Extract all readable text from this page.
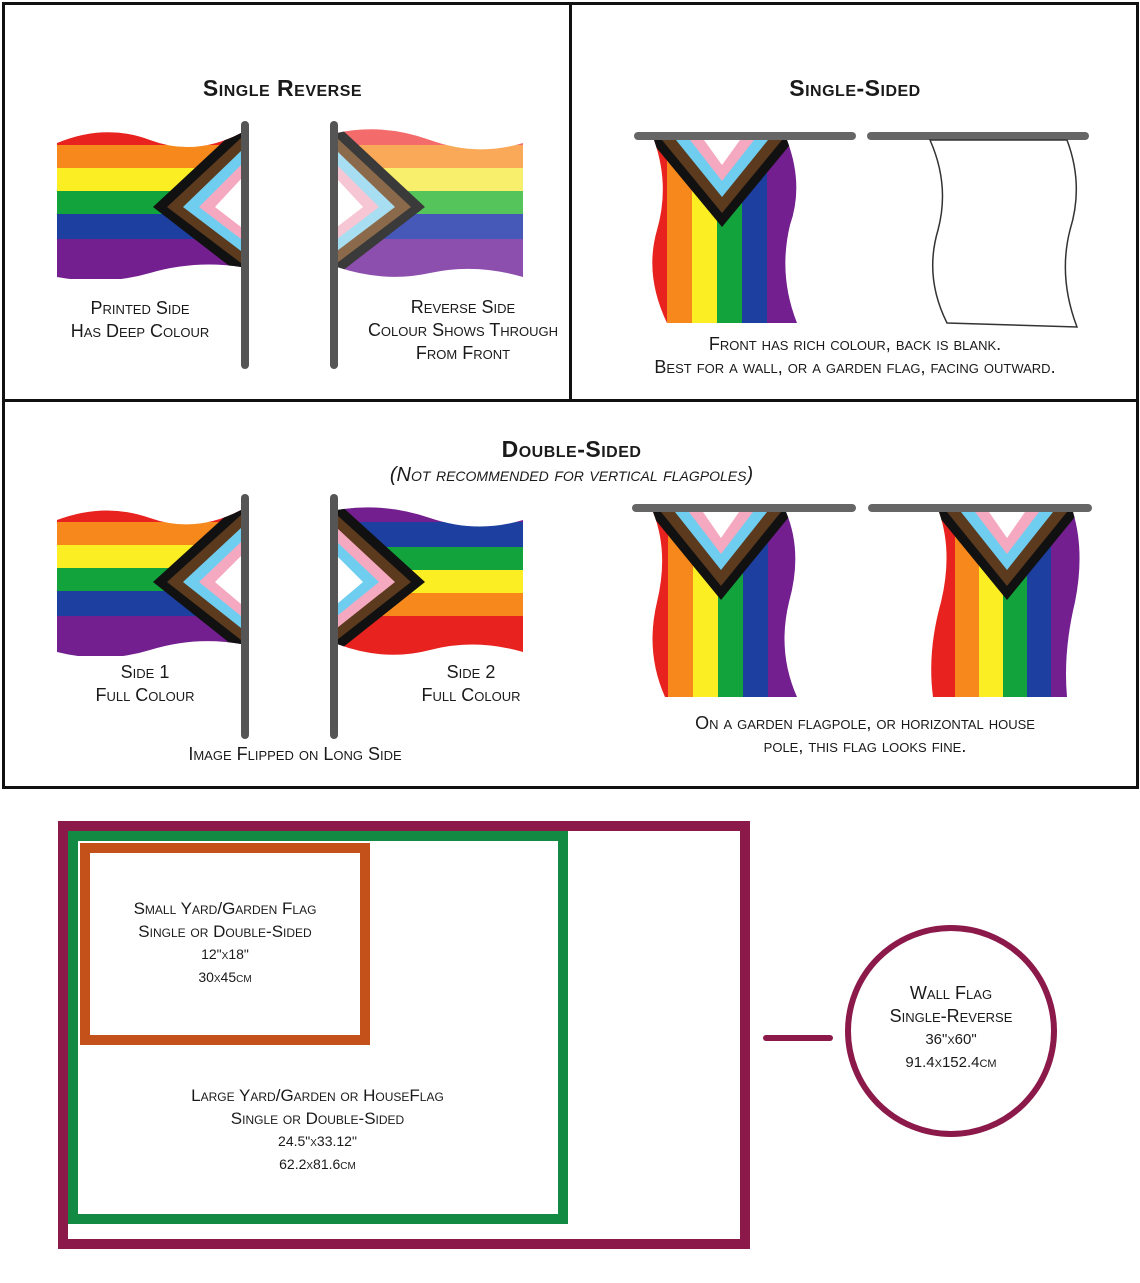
Single Reverse
Printed Side
Has Deep Colour
Reverse Side
Colour Shows Through
From Front
Single-Sided
Front has rich colour, back is blank.
Best for a wall, or a garden flag, facing outward.
Double-Sided
(Not recommended for vertical flagpoles)
Side 1
Full Colour
Side 2
Full Colour
Image Flipped on Long Side
On a garden flagpole, or horizontal house
pole, this flag looks fine.
Small Yard/Garden Flag
Single or Double-Sided
12"x18"
30x45cm
Large Yard/Garden or HouseFlag
Single or Double-Sided
24.5"x33.12"
62.2x81.6cm
Wall Flag
Single-Reverse
36"x60"
91.4x152.4cm
